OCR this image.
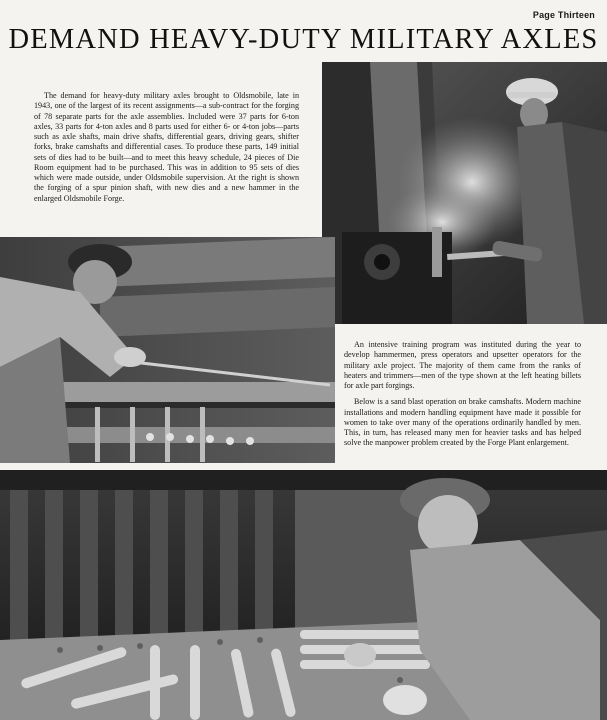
Page Thirteen
DEMAND HEAVY-DUTY MILITARY AXLES
The demand for heavy-duty military axles brought to Oldsmobile, late in 1943, one of the largest of its recent assignments—a sub-contract for the forging of 78 separate parts for the axle assemblies. Included were 37 parts for 6-ton axles, 33 parts for 4-ton axles and 8 parts used for either 6- or 4-ton jobs—parts such as axle shafts, main drive shafts, differential gears, driving gears, shifter forks, brake camshafts and differential cases. To produce these parts, 149 initial sets of dies had to be built—and to meet this heavy schedule, 24 pieces of Die Room equipment had to be purchased. This was in addition to 95 sets of dies which were made outside, under Oldsmobile supervision. At the right is shown the forging of a spur pinion shaft, with new dies and a new hammer in the enlarged Oldsmobile Forge.

An intensive training program was instituted during the year to develop hammermen, press operators and upsetter operators for the military axle project. The majority of them came from the ranks of heaters and trimmers—men of the type shown at the left heating billets for axle part forgings.

Below is a sand blast operation on brake camshafts. Modern machine installations and modern handling equipment have made it possible for women to take over many of the operations ordinarily handled by men. This, in turn, has released many men for heavier tasks and has helped solve the manpower problem created by the Forge Plant enlargement.
